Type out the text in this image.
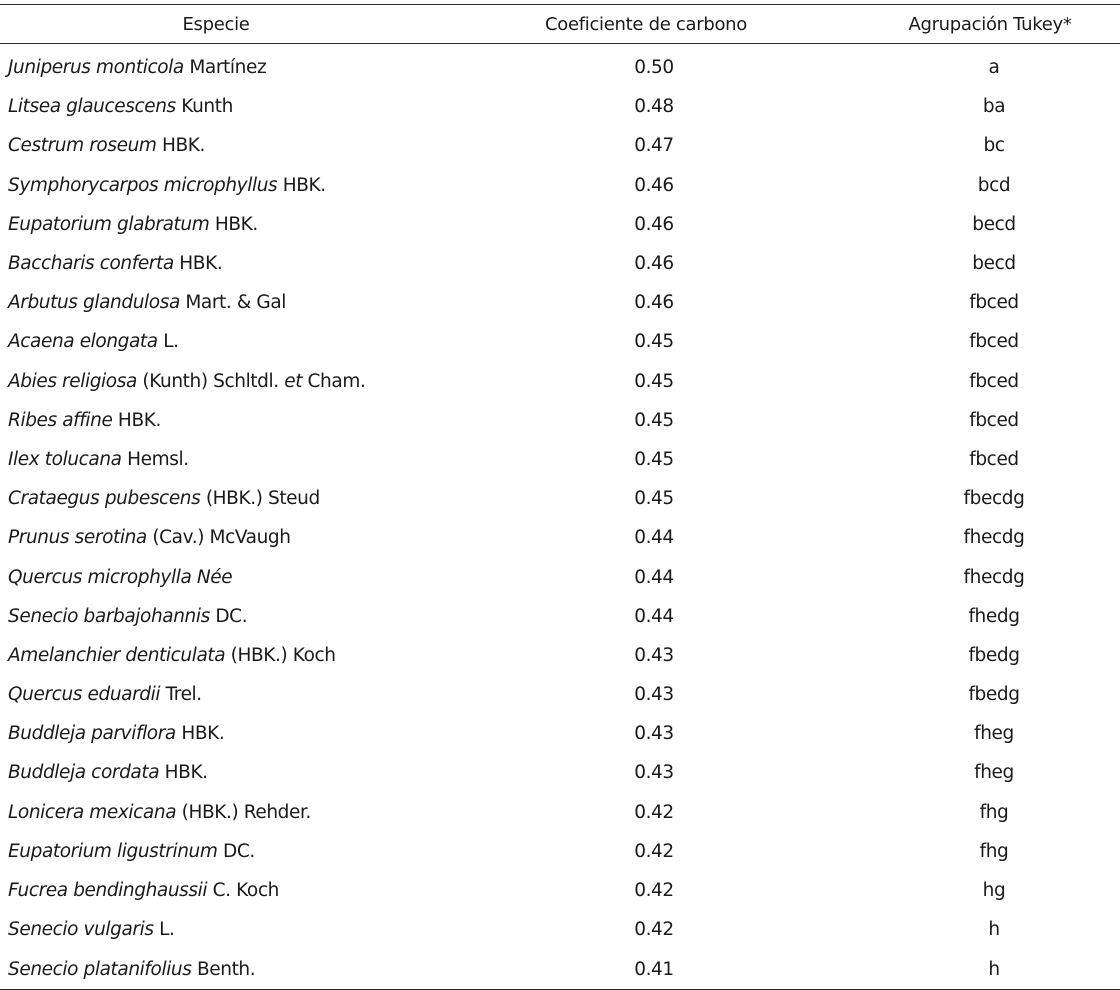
Especie	Coeficiente de carbono	Agrupación Tukey*
Juniperus monticola Martínez	0.50	a
Litsea glaucescens Kunth	0.48	ba
Cestrum roseum HBK.	0.47	bc
Symphorycarpos microphyllus HBK.	0.46	bcd
Eupatorium glabratum HBK.	0.46	becd
Baccharis conferta HBK.	0.46	becd
Arbutus glandulosa Mart. & Gal	0.46	fbced
Acaena elongata L.	0.45	fbced
Abies religiosa (Kunth) Schltdl. et Cham.	0.45	fbced
Ribes affine HBK.	0.45	fbced
Ilex tolucana Hemsl.	0.45	fbced
Crataegus pubescens (HBK.) Steud	0.45	fbecdg
Prunus serotina (Cav.) McVaugh	0.44	fhecdg
Quercus microphylla Née	0.44	fhecdg
Senecio barbajohannis DC.	0.44	fhedg
Amelanchier denticulata (HBK.) Koch	0.43	fbedg
Quercus eduardii Trel.	0.43	fbedg
Buddleja parviflora HBK.	0.43	fheg
Buddleja cordata HBK.	0.43	fheg
Lonicera mexicana (HBK.) Rehder.	0.42	fhg
Eupatorium ligustrinum DC.	0.42	fhg
Fucrea bendinghaussii C. Koch	0.42	hg
Senecio vulgaris L.	0.42	h
Senecio platanifolius Benth.	0.41	h
